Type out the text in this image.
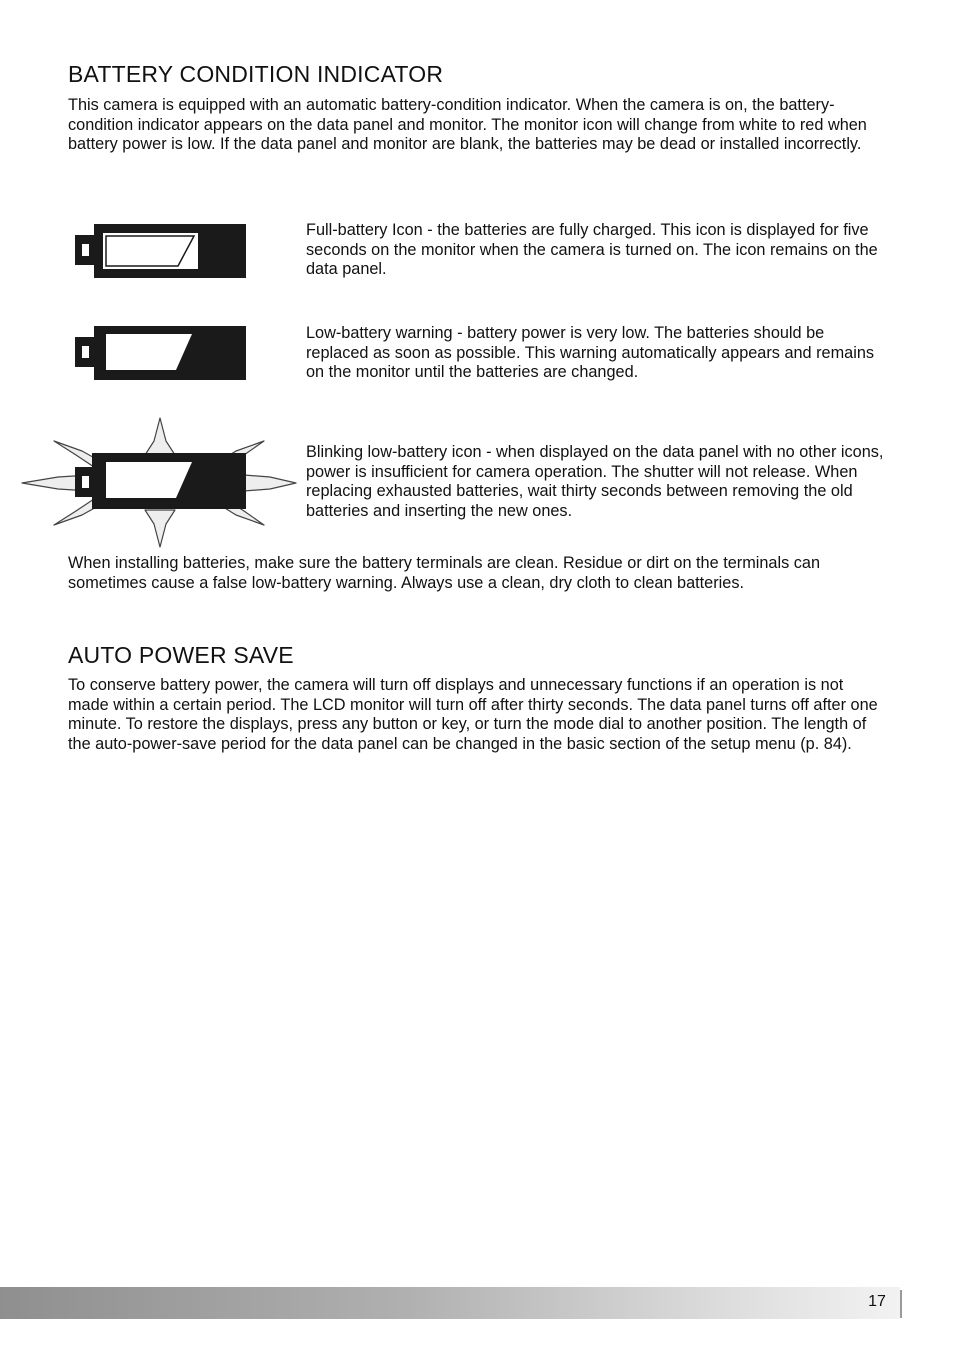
BATTERY CONDITION INDICATOR

This camera is equipped with an automatic battery-condition indicator. When the camera is on, the battery-condition indicator appears on the data panel and monitor. The monitor icon will change from white to red when battery power is low. If the data panel and monitor are blank, the batteries may be dead or installed incorrectly.

Full-battery Icon - the batteries are fully charged. This icon is displayed for five seconds on the monitor when the camera is turned on. The icon remains on the data panel.

Low-battery warning - battery power is very low. The batteries should be replaced as soon as possible. This warning automatically appears and remains on the monitor until the batteries are changed.

Blinking low-battery icon - when displayed on the data panel with no other icons, power is insufficient for camera operation. The shutter will not release. When replacing exhausted batteries, wait thirty seconds between removing the old batteries and inserting the new ones.

When installing batteries, make sure the battery terminals are clean. Residue or dirt on the terminals can sometimes cause a false low-battery warning. Always use a clean, dry cloth to clean batteries.

AUTO POWER SAVE

To conserve battery power, the camera will turn off displays and unnecessary functions if an operation is not made within a certain period. The LCD monitor will turn off after thirty seconds. The data panel turns off after one minute. To restore the displays, press any button or key, or turn the mode dial to another position. The length of the auto-power-save period for the data panel can be changed in the basic section of the setup menu (p. 84).

17
